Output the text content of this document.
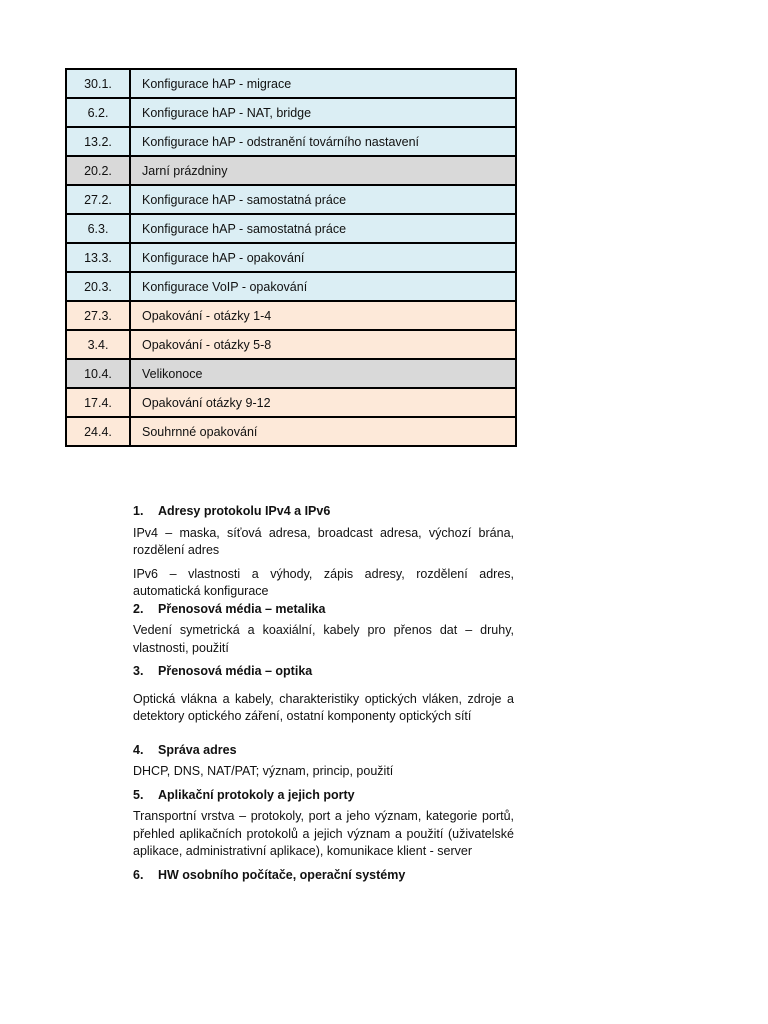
30.1.	Konfigurace hAP - migrace
6.2.	Konfigurace hAP - NAT, bridge
13.2.	Konfigurace hAP - odstranění továrního nastavení
20.2.	Jarní prázdniny
27.2.	Konfigurace hAP - samostatná práce
6.3.	Konfigurace hAP - samostatná práce
13.3.	Konfigurace hAP - opakování
20.3.	Konfigurace VoIP - opakování
27.3.	Opakování - otázky 1-4
3.4.	Opakování - otázky 5-8
10.4.	Velikonoce
17.4.	Opakování otázky 9-12
24.4.	Souhrnné opakování
1.	Adresy protokolu IPv4 a IPv6

IPv4 – maska, síťová adresa, broadcast adresa, výchozí brána, rozdělení adres

IPv6 – vlastnosti a výhody, zápis adresy, rozdělení adres, automatická konfigurace

2.	Přenosová média – metalika

Vedení symetrická a koaxiální, kabely pro přenos dat – druhy, vlastnosti, použití

3.	Přenosová média – optika

Optická vlákna a kabely, charakteristiky optických vláken, zdroje a detektory optického záření, ostatní komponenty optických sítí

4.	Správa adres

DHCP, DNS, NAT/PAT; význam, princip, použití

5.	Aplikační protokoly a jejich porty

Transportní vrstva – protokoly, port a jeho význam, kategorie portů, přehled aplikačních protokolů a jejich význam a použití (uživatelské aplikace, administrativní aplikace), komunikace klient - server

6.	HW osobního počítače, operační systémy
